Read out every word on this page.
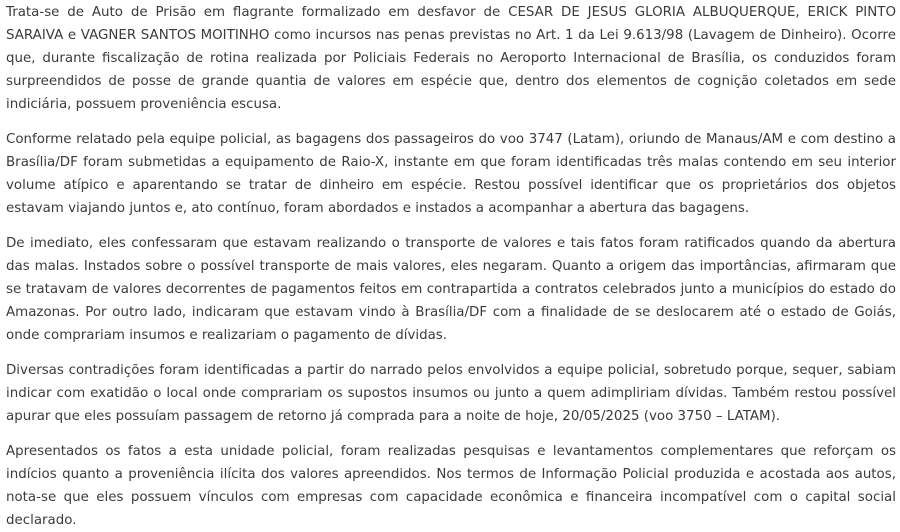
Trata-se de Auto de Prisão em flagrante formalizado em desfavor de CESAR DE JESUS GLORIA ALBUQUERQUE, ERICK PINTO SARAIVA e VAGNER SANTOS MOITINHO como incursos nas penas previstas no Art. 1 da Lei 9.613/98 (Lavagem de Dinheiro). Ocorre que, durante fiscalização de rotina realizada por Policiais Federais no Aeroporto Internacional de Brasília, os conduzidos foram surpreendidos de posse de grande quantia de valores em espécie que, dentro dos elementos de cognição coletados em sede indiciária, possuem proveniência escusa.

Conforme relatado pela equipe policial, as bagagens dos passageiros do voo 3747 (Latam), oriundo de Manaus/AM e com destino a Brasília/DF foram submetidas a equipamento de Raio-X, instante em que foram identificadas três malas contendo em seu interior volume atípico e aparentando se tratar de dinheiro em espécie. Restou possível identificar que os proprietários dos objetos estavam viajando juntos e, ato contínuo, foram abordados e instados a acompanhar a abertura das bagagens.

De imediato, eles confessaram que estavam realizando o transporte de valores e tais fatos foram ratificados quando da abertura das malas. Instados sobre o possível transporte de mais valores, eles negaram. Quanto a origem das importâncias, afirmaram que se tratavam de valores decorrentes de pagamentos feitos em contrapartida a contratos celebrados junto a municípios do estado do Amazonas. Por outro lado, indicaram que estavam vindo à Brasília/DF com a finalidade de se deslocarem até o estado de Goiás, onde comprariam insumos e realizariam o pagamento de dívidas.

Diversas contradições foram identificadas a partir do narrado pelos envolvidos a equipe policial, sobretudo porque, sequer, sabiam indicar com exatidão o local onde comprariam os supostos insumos ou junto a quem adimpliriam dívidas. Também restou possível apurar que eles possuíam passagem de retorno já comprada para a noite de hoje, 20/05/2025 (voo 3750 – LATAM).

Apresentados os fatos a esta unidade policial, foram realizadas pesquisas e levantamentos complementares que reforçam os indícios quanto a proveniência ilícita dos valores apreendidos. Nos termos de Informação Policial produzida e acostada aos autos, nota-se que eles possuem vínculos com empresas com capacidade econômica e financeira incompatível com o capital social declarado.
